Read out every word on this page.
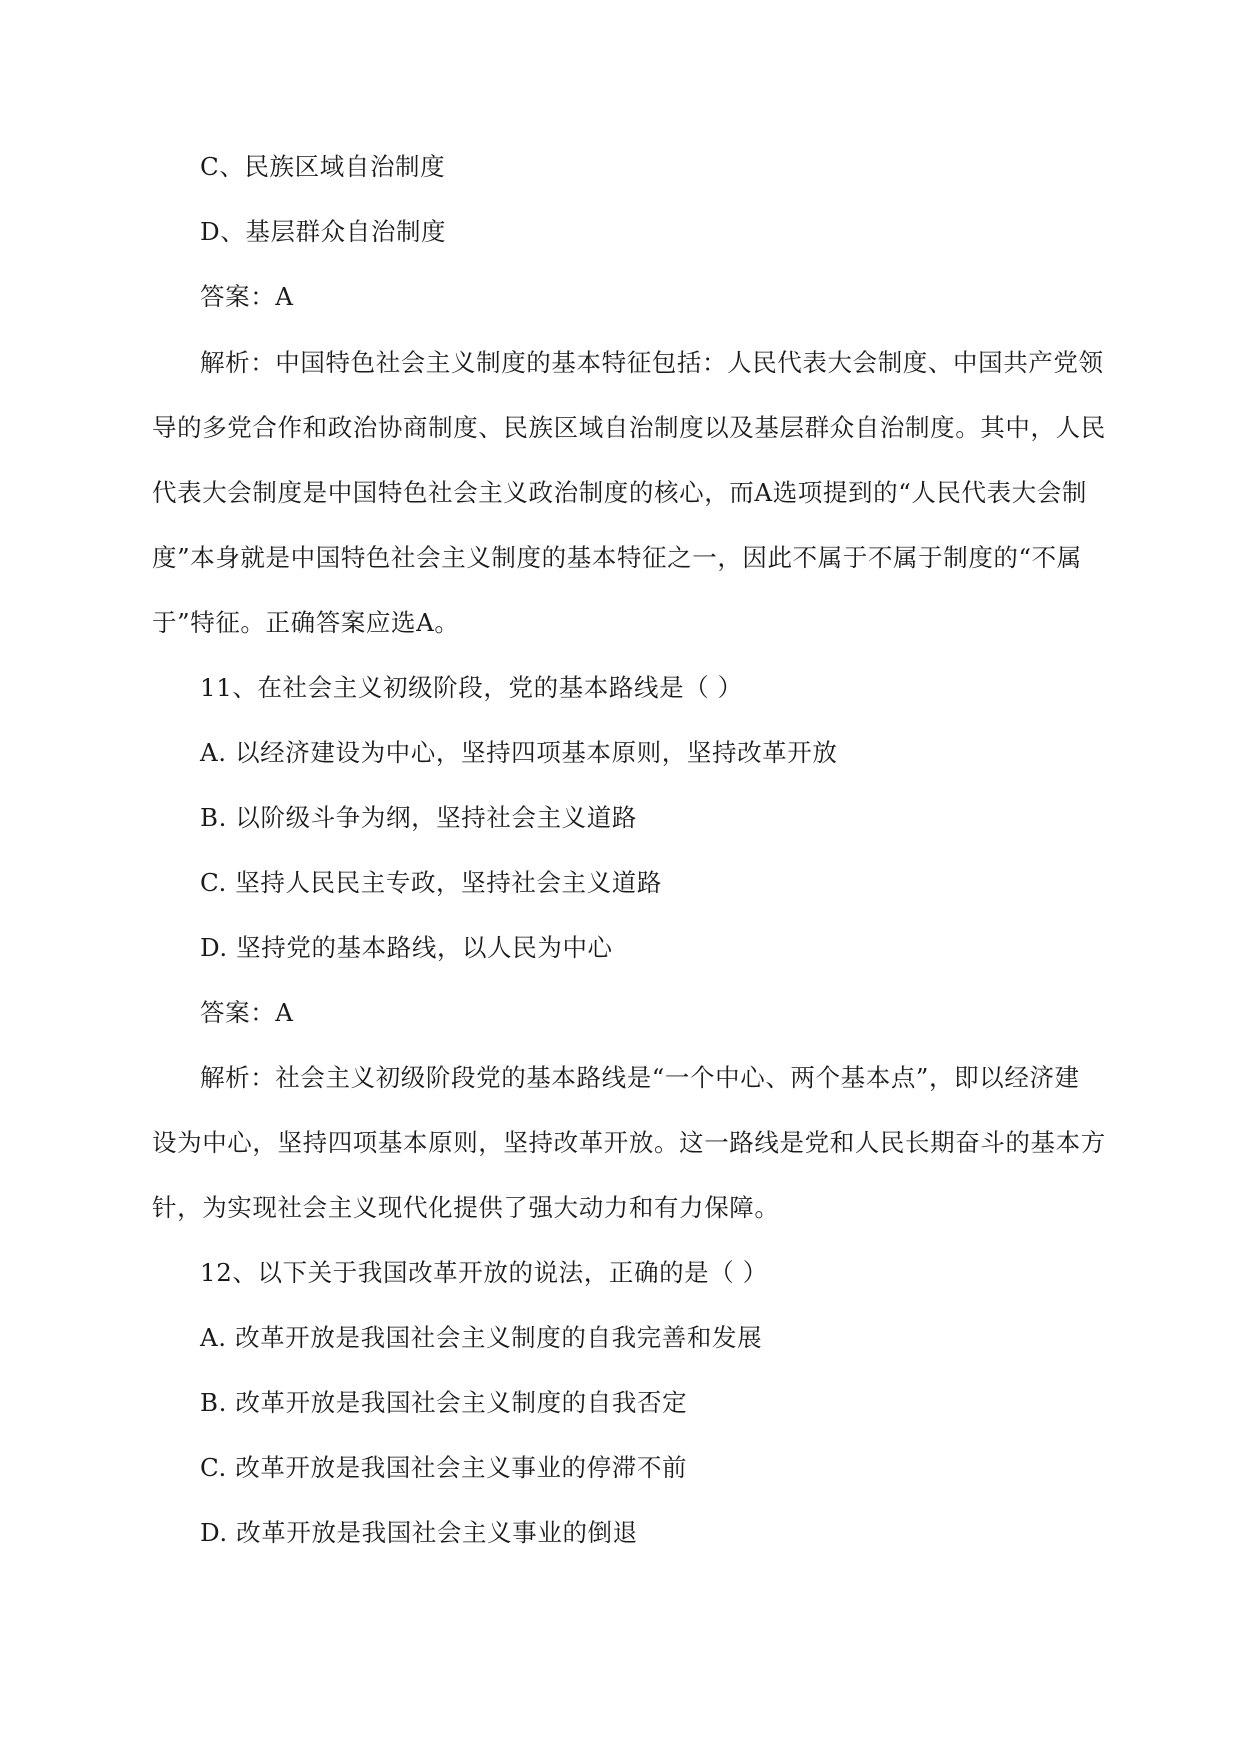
C、民族区域自治制度
D、基层群众自治制度
答案：A
解析：中国特色社会主义制度的基本特征包括：人民代表大会制度、中国共产党领
导的多党合作和政治协商制度、民族区域自治制度以及基层群众自治制度。其中，人民
代表大会制度是中国特色社会主义政治制度的核心，而A选项提到的“人民代表大会制
度”本身就是中国特色社会主义制度的基本特征之一，因此不属于不属于制度的“不属
于”特征。正确答案应选A。
11、在社会主义初级阶段，党的基本路线是（ ）
A. 以经济建设为中心，坚持四项基本原则，坚持改革开放
B. 以阶级斗争为纲，坚持社会主义道路
C. 坚持人民民主专政，坚持社会主义道路
D. 坚持党的基本路线，以人民为中心
答案：A
解析：社会主义初级阶段党的基本路线是“一个中心、两个基本点”，即以经济建
设为中心，坚持四项基本原则，坚持改革开放。这一路线是党和人民长期奋斗的基本方
针，为实现社会主义现代化提供了强大动力和有力保障。
12、以下关于我国改革开放的说法，正确的是（ ）
A. 改革开放是我国社会主义制度的自我完善和发展
B. 改革开放是我国社会主义制度的自我否定
C. 改革开放是我国社会主义事业的停滞不前
D. 改革开放是我国社会主义事业的倒退
